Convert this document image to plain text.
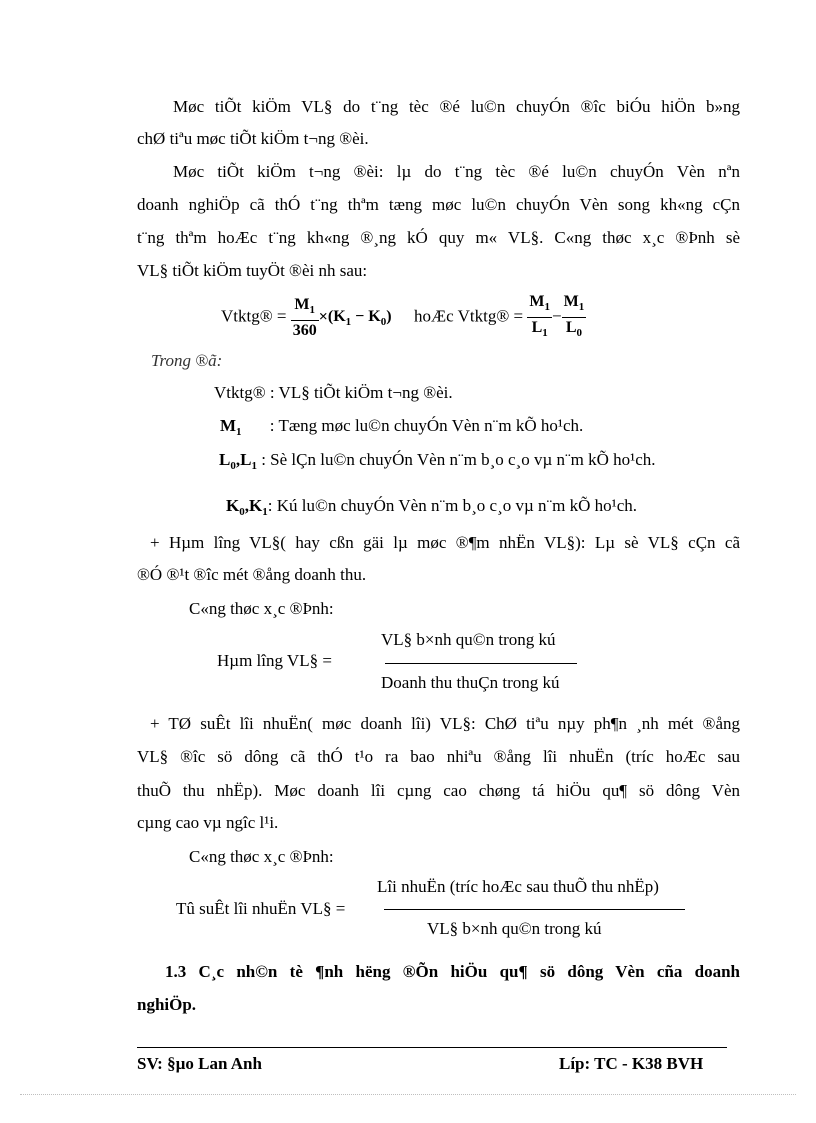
Møc tiÕt kiÖm VL§ do t¨ng tèc ®é lu©n chuyÓn ®îc biÓu hiÖn b»ng
chØ tiªu møc tiÕt kiÖm t¬ng ®èi.
Møc tiÕt kiÖm t¬ng ®èi: lµ do t¨ng tèc ®é lu©n chuyÓn Vèn nªn
doanh nghiÖp cã thÓ t¨ng thªm tæng møc lu©n chuyÓn Vèn song kh«ng cÇn
t¨ng thªm hoÆc t¨ng kh«ng ®¸ng kÓ quy m« VL§. C«ng thøc x¸c ®Þnh sè
VL§ tiÕt kiÖm tuyÖt ®èi nh sau:
Vtktg® = $\frac{M_1}{360} \times(K_1 - K_0)$ hoÆc Vtktg® = $\frac{M_1}{L_1} - \frac{M_1}{L_0}$
Trong ®ã:
Vtktg® : VL§ tiÕt kiÖm t¬ng ®èi.
$M_1$ : Tæng møc lu©n chuyÓn Vèn n¨m kÕ ho¹ch.
$L_0,L_1$ : Sè lÇn lu©n chuyÓn Vèn n¨m b¸o c¸o vµ n¨m kÕ ho¹ch.
$K_0,K_1$: Kú lu©n chuyÓn Vèn n¨m b¸o c¸o vµ n¨m kÕ ho¹ch.
+ Hµm lîng VL§( hay cßn gäi lµ møc ®¶m nhËn VL§): Lµ sè VL§ cÇn cã
®Ó ®¹t ®îc mét ®ång doanh thu.
C«ng thøc x¸c ®Þnh:
VL§ b×nh qu©n trong kú
Hµm lîng VL§ =
Doanh thu thuÇn trong kú
+ TØ suÊt lîi nhuËn( møc doanh lîi) VL§: ChØ tiªu nµy ph¶n ¸nh mét ®ång
VL§ ®îc sö dông cã thÓ t¹o ra bao nhiªu ®ång lîi nhuËn (tríc hoÆc sau
thuÕ thu nhËp). Møc doanh lîi cµng cao chøng tá hiÖu qu¶ sö dông Vèn
cµng cao vµ ngîc l¹i.
C«ng thøc x¸c ®Þnh:
Lîi nhuËn (tríc hoÆc sau thuÕ thu nhËp)
Tû suÊt lîi nhuËn VL§ =
VL§ b×nh qu©n trong kú
1.3 C¸c nh©n tè ¶nh hëng ®Õn hiÖu qu¶ sö dông Vèn cña doanh
nghiÖp.
SV: §µo Lan Anh	Líp: TC - K38 BVH
